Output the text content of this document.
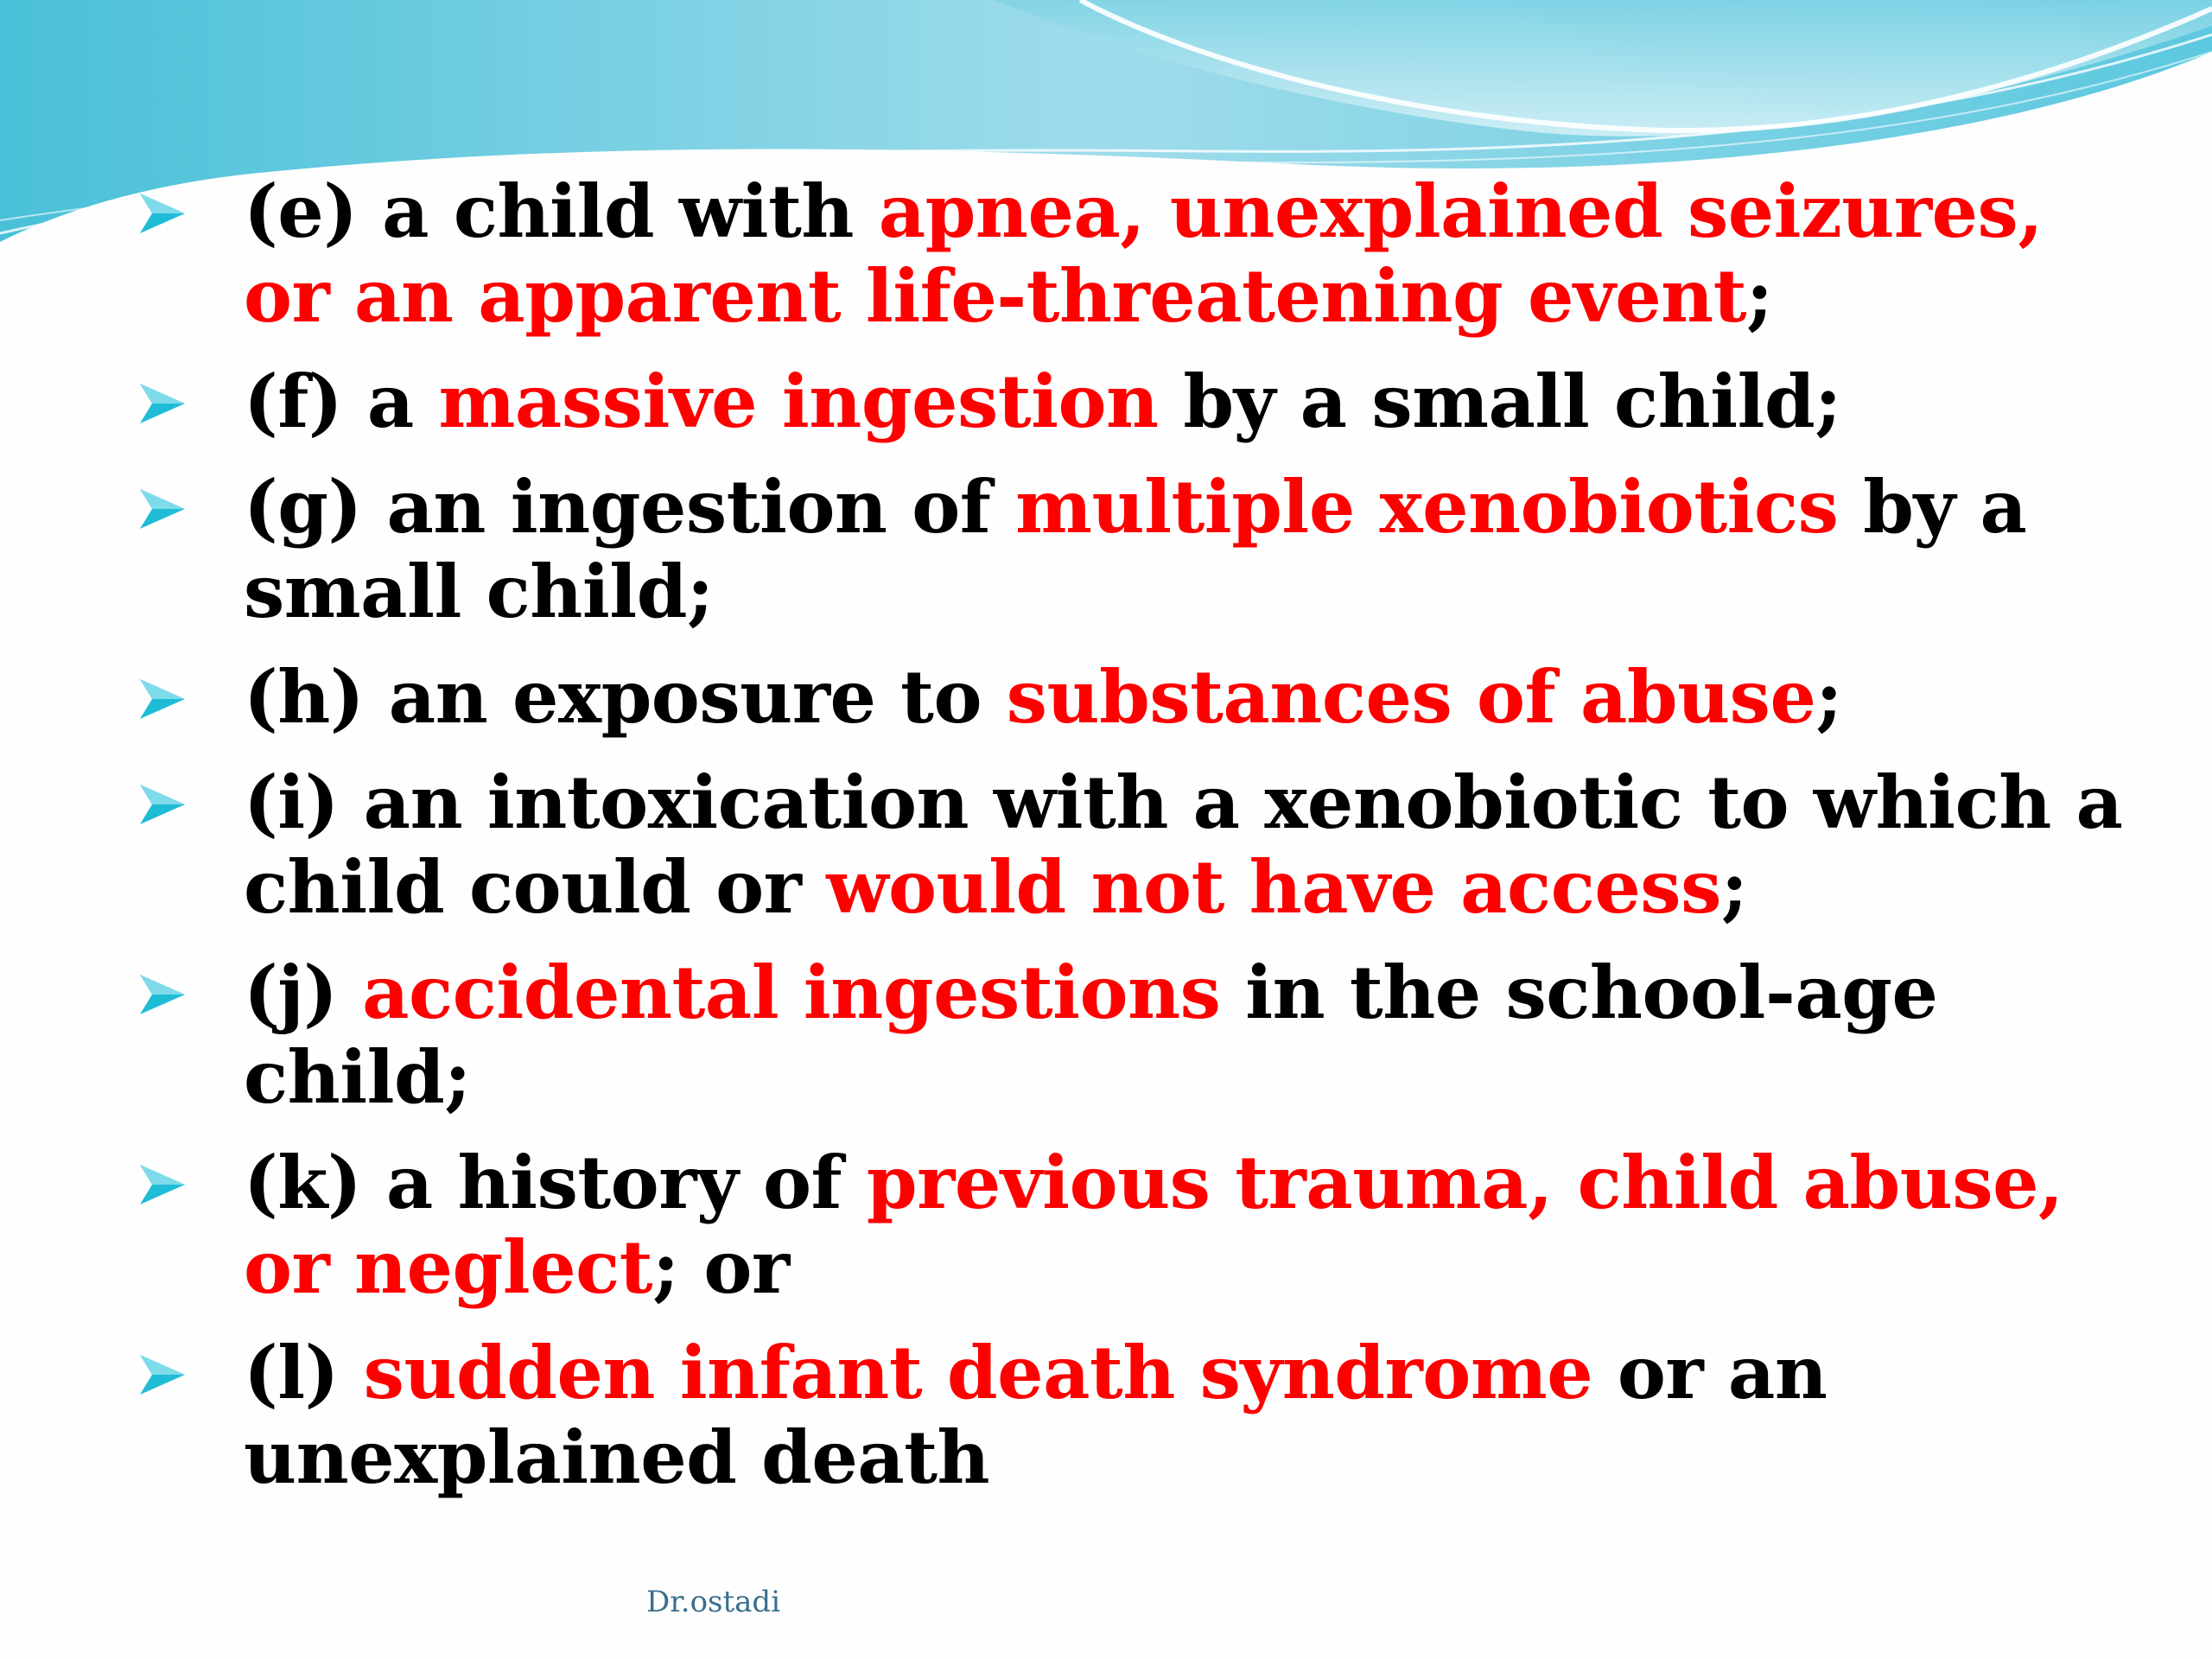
(e) a child with apnea, unexplained seizures, or an apparent life-threatening event;
(f) a massive ingestion by a small child;
(g) an ingestion of multiple xenobiotics by a small child;
(h) an exposure to substances of abuse;
(i) an intoxication with a xenobiotic to which a child could or would not have access;
(j) accidental ingestions in the school-age child;
(k) a history of previous trauma, child abuse, or neglect; or
(l) sudden infant death syndrome or an unexplained death
Dr.ostadi
